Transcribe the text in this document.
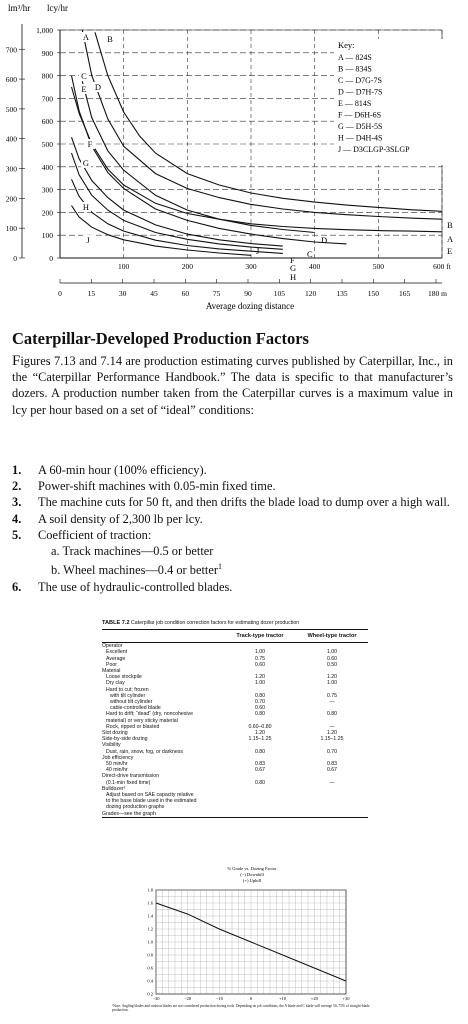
lm³/hr lcy/hr
A
A
B
B
E
E
C
C
D
D
F
F
G
G
H
H
J
J
0
100
200
300
400
500
600
700
800
900
1,000
0
100
200
300
400
500
600
700
100	200	300	400	500	600 ft
0	15	30	45	60	75	90	105	120	135	150	165 180 m
Key:
A — 824S
B — 834S
C — D7G-7S
D — D7H-7S
E — 814S
F — D6H-6S
G — D5H-5S
H — D4H-4S
J — D3CLGP-3SLGP
Average dozing distance
Caterpillar-Developed Production Factors

Figures 7.13 and 7.14 are production estimating curves published by Caterpillar, Inc., in the “Caterpillar Performance Handbook.” The data is specific to that manufacturer’s dozers. A production number taken from the Caterpillar curves is a maximum value in lcy per hour based on a set of “ideal” conditions:

1. A 60-min hour (100% efficiency).
2. Power-shift machines with 0.05-min fixed time.
3. The machine cuts for 50 ft, and then drifts the blade load to dump over a high wall.
4. A soil density of 2,300 lb per lcy.
5. Coefficient of traction:
a. Track machines—0.5 or better
b. Wheel machines—0.4 or better$^1$
6. The use of hydraulic-controlled blades.

TABLE 7.2 Caterpillar job condition correction factors for estimating dozer production

	Track-type tractor	Wheel-type tractor
Operator		
Excellent	1.00	1.00
Average	0.75	0.60
Poor	0.60	0.50
Material		
Loose stockpile	1.20	1.20
Dry clay	1.00	1.00
Hard to cut; frozen		
with tilt cylinder	0.80	0.75
without tilt cylinder	0.70	—
cable-controlled blade	0.60	
Hard to drift; “dead” (dry, noncohesive	0.80	0.80
material) or very sticky material		
Rock, ripped or blasted	0.60–0.80	—
Slot dozing	1.20	1.20
Side-by-side dozing	1.15–1.25	1.15–1.25
Visibility		
Dust, rain, snow, fog, or darkness	0.80	0.70
Job efficiency		
50 min/hr	0.83	0.83
40 min/hr	0.67	0.67
Direct-drive transmission		
(0.1-min fixed time)	0.80	—
Bulldozer²		
Adjust based on SAE capacity relative		
to the base blade used in the estimated		
dozing production graphs		
Grades—see the graph		
% Grade vs. Dozing Factor
(−) Downhill
(+) Uphill
0.2
0.4
0.6
0.8
1.0
1.2
1.4
1.6
1.8
−30	−20	−10	0	+10	+20	+30

²Note: Angling blades and cushion blades are not considered production dozing tools. Depending on job conditions, the A blade and C blade will average 50–75% of straight-blade production.
